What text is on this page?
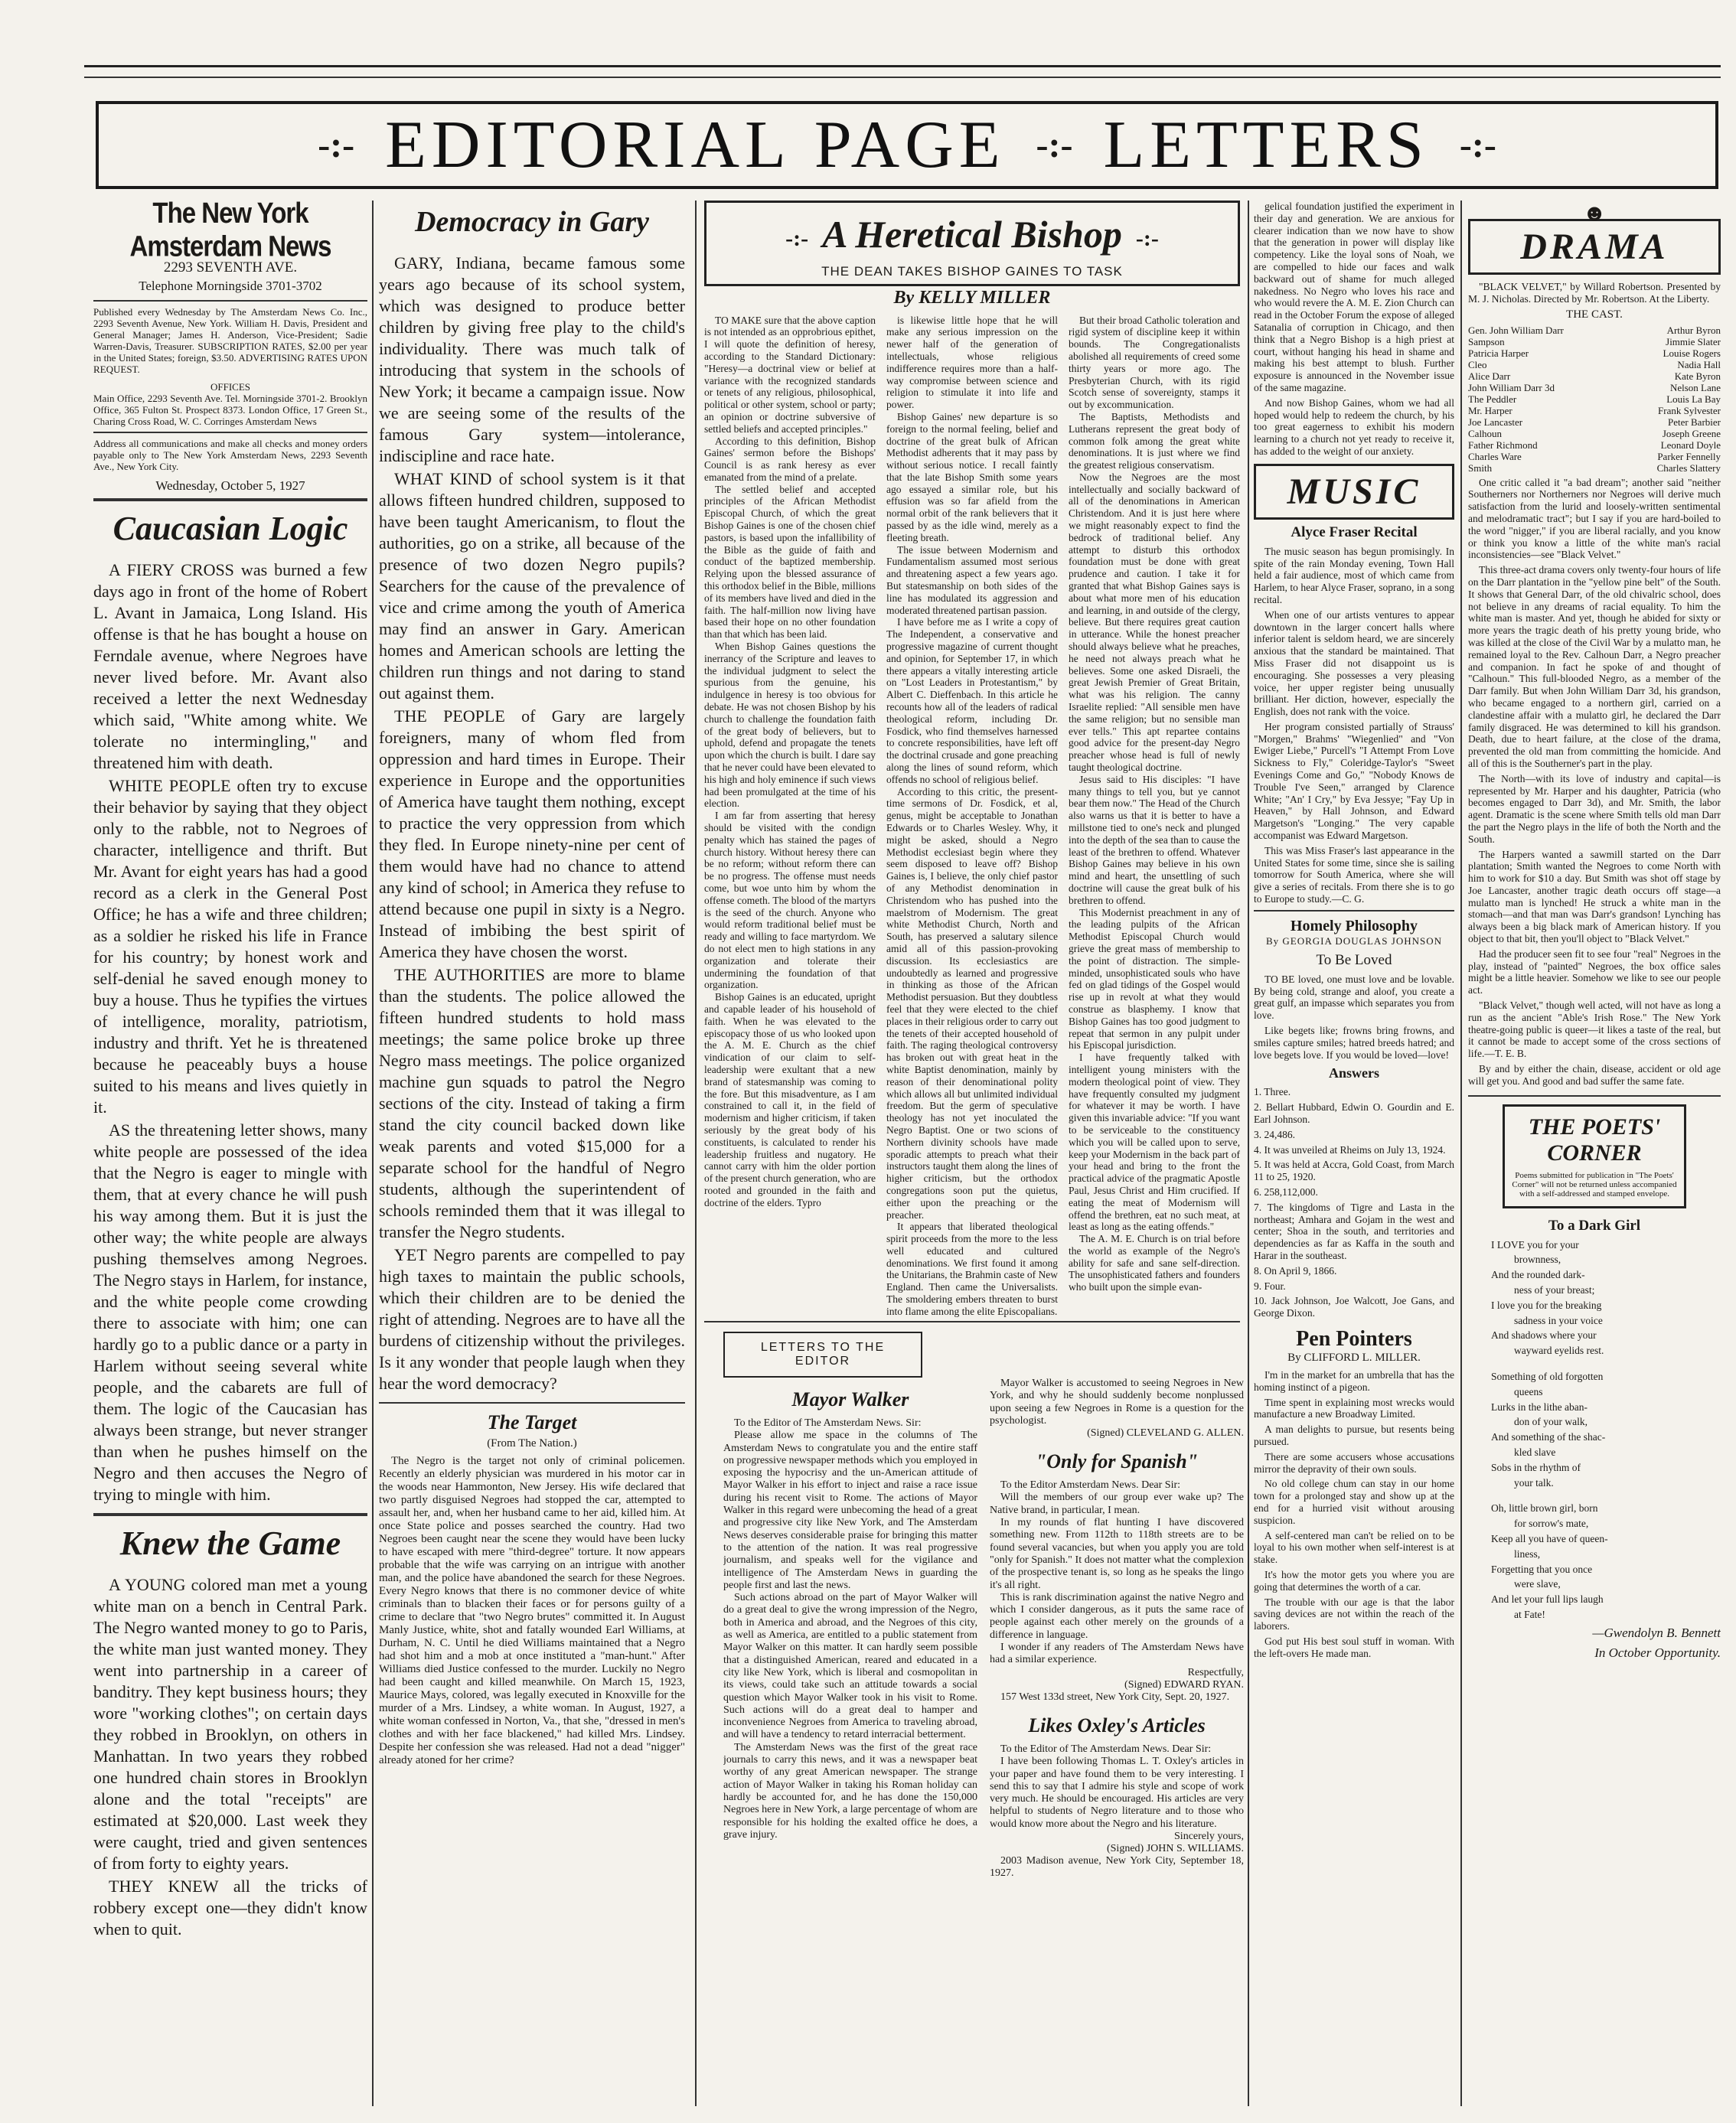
-:- EDITORIAL PAGE -:- LETTERS -:-
The New York Amsterdam News
2293 SEVENTH AVE.
Telephone Morningside 3701-3702
Published every Wednesday by The Amsterdam News Co. Inc., 2293 Seventh Avenue, New York. William H. Davis, President and General Manager; James H. Anderson, Vice-President; Sadie Warren-Davis, Treasurer. SUBSCRIPTION RATES, $2.00 per year in the United States; foreign, $3.50. ADVERTISING RATES UPON REQUEST.
OFFICES
Main Office, 2293 Seventh Ave. Tel. Morningside 3701-2. Brooklyn Office, 365 Fulton St. Prospect 8373. London Office, 17 Green St., Charing Cross Road, W. C. Corringes Amsterdam News
Address all communications and make all checks and money orders payable only to The New York Amsterdam News, 2293 Seventh Ave., New York City.
Wednesday, October 5, 1927
Caucasian Logic

A FIERY CROSS was burned a few days ago in front of the home of Robert L. Avant in Jamaica, Long Island. His offense is that he has bought a house on Ferndale avenue, where Negroes have never lived before. Mr. Avant also received a letter the next Wednesday which said, "White among white. We tolerate no intermingling," and threatened him with death.

WHITE PEOPLE often try to excuse their behavior by saying that they object only to the rabble, not to Negroes of character, intelligence and thrift. But Mr. Avant for eight years has had a good record as a clerk in the General Post Office; he has a wife and three children; as a soldier he risked his life in France for his country; by honest work and self-denial he saved enough money to buy a house. Thus he typifies the virtues of intelligence, morality, patriotism, industry and thrift. Yet he is threatened because he peaceably buys a house suited to his means and lives quietly in it.

AS the threatening letter shows, many white people are possessed of the idea that the Negro is eager to mingle with them, that at every chance he will push his way among them. But it is just the other way; the white people are always pushing themselves among Negroes. The Negro stays in Harlem, for instance, and the white people come crowding there to associate with him; one can hardly go to a public dance or a party in Harlem without seeing several white people, and the cabarets are full of them. The logic of the Caucasian has always been strange, but never stranger than when he pushes himself on the Negro and then accuses the Negro of trying to mingle with him.

Knew the Game

A YOUNG colored man met a young white man on a bench in Central Park. The Negro wanted money to go to Paris, the white man just wanted money. They went into partnership in a career of banditry. They kept business hours; they wore "working clothes"; on certain days they robbed in Brooklyn, on others in Manhattan. In two years they robbed one hundred chain stores in Brooklyn alone and the total "receipts" are estimated at $20,000. Last week they were caught, tried and given sentences of from forty to eighty years.

THEY KNEW all the tricks of robbery except one—they didn't know when to quit.

Democracy in Gary

GARY, Indiana, became famous some years ago because of its school system, which was designed to produce better children by giving free play to the child's individuality. There was much talk of introducing that system in the schools of New York; it became a campaign issue. Now we are seeing some of the results of the famous Gary system—intolerance, indiscipline and race hate.

WHAT KIND of school system is it that allows fifteen hundred children, supposed to have been taught Americanism, to flout the authorities, go on a strike, all because of the presence of two dozen Negro pupils? Searchers for the cause of the prevalence of vice and crime among the youth of America may find an answer in Gary. American homes and American schools are letting the children run things and not daring to stand out against them.

THE PEOPLE of Gary are largely foreigners, many of whom fled from oppression and hard times in Europe. Their experience in Europe and the opportunities of America have taught them nothing, except to practice the very oppression from which they fled. In Europe ninety-nine per cent of them would have had no chance to attend any kind of school; in America they refuse to attend because one pupil in sixty is a Negro. Instead of imbibing the best spirit of America they have chosen the worst.

THE AUTHORITIES are more to blame than the students. The police allowed the fifteen hundred students to hold mass meetings; the same police broke up three Negro mass meetings. The police organized machine gun squads to patrol the Negro sections of the city. Instead of taking a firm stand the city council backed down like weak parents and voted $15,000 for a separate school for the handful of Negro students, although the superintendent of schools reminded them that it was illegal to transfer the Negro students.

YET Negro parents are compelled to pay high taxes to maintain the public schools, which their children are to be denied the right of attending. Negroes are to have all the burdens of citizenship without the privileges. Is it any wonder that people laugh when they hear the word democracy?

The Target
(From The Nation.)

The Negro is the target not only of criminal policemen. Recently an elderly physician was murdered in his motor car in the woods near Hammonton, New Jersey. His wife declared that two partly disguised Negroes had stopped the car, attempted to assault her, and, when her husband came to her aid, killed him. At once State police and posses searched the country. Had two Negroes been caught near the scene they would have been lucky to have escaped with mere "third-degree" torture. It now appears probable that the wife was carrying on an intrigue with another man, and the police have abandoned the search for these Negroes. Every Negro knows that there is no commoner device of white criminals than to blacken their faces or for persons guilty of a crime to declare that "two Negro brutes" committed it. In August Manly Justice, white, shot and fatally wounded Earl Williams, at Durham, N. C. Until he died Williams maintained that a Negro had shot him and a mob at once instituted a "man-hunt." After Williams died Justice confessed to the murder. Luckily no Negro had been caught and killed meanwhile. On March 15, 1923, Maurice Mays, colored, was legally executed in Knoxville for the murder of a Mrs. Lindsey, a white woman. In August, 1927, a white woman confessed in Norton, Va., that she, "dressed in men's clothes and with her face blackened," had killed Mrs. Lindsey. Despite her confession she was released. Had not a dead "nigger" already atoned for her crime?

-:- A Heretical Bishop -:-
THE DEAN TAKES BISHOP GAINES TO TASK
By KELLY MILLER

TO MAKE sure that the above caption is not intended as an opprobrious epithet, I will quote the definition of heresy, according to the Standard Dictionary: "Heresy—a doctrinal view or belief at variance with the recognized standards or tenets of any religious, philosophical, political or other system, school or party; an opinion or doctrine subversive of settled beliefs and accepted principles."

According to this definition, Bishop Gaines' sermon before the Bishops' Council is as rank heresy as ever emanated from the mind of a prelate.

The settled belief and accepted principles of the African Methodist Episcopal Church, of which the great Bishop Gaines is one of the chosen chief pastors, is based upon the infallibility of the Bible as the guide of faith and conduct of the baptized membership. Relying upon the blessed assurance of this orthodox belief in the Bible, millions of its members have lived and died in the faith. The half-million now living have based their hope on no other foundation than that which has been laid.

When Bishop Gaines questions the inerrancy of the Scripture and leaves to the individual judgment to select the spurious from the genuine, his indulgence in heresy is too obvious for debate. He was not chosen Bishop by his church to challenge the foundation faith of the great body of believers, but to uphold, defend and propagate the tenets upon which the church is built. I dare say that he never could have been elevated to his high and holy eminence if such views had been promulgated at the time of his election.

I am far from asserting that heresy should be visited with the condign penalty which has stained the pages of church history. Without heresy there can be no reform; without reform there can be no progress. The offense must needs come, but woe unto him by whom the offense cometh. The blood of the martyrs is the seed of the church. Anyone who would reform traditional belief must be ready and willing to face martyrdom. We do not elect men to high stations in any organization and tolerate their undermining the foundation of that organization.

Bishop Gaines is an educated, upright and capable leader of his household of faith. When he was elevated to the episcopacy those of us who looked upon the A. M. E. Church as the chief vindication of our claim to self-leadership were exultant that a new brand of statesmanship was coming to the fore. But this misadventure, as I am constrained to call it, in the field of modernism and higher criticism, if taken seriously by the great body of his constituents, is calculated to render his leadership fruitless and nugatory. He cannot carry with him the older portion of the present church generation, who are rooted and grounded in the faith and doctrine of the elders. Typro

is likewise little hope that he will make any serious impression on the newer half of the generation of intellectuals, whose religious indifference requires more than a half-way compromise between science and religion to stimulate it into life and power.

Bishop Gaines' new departure is so foreign to the normal feeling, belief and doctrine of the great bulk of African Methodist adherents that it may pass by without serious notice. I recall faintly that the late Bishop Smith some years ago essayed a similar role, but his effusion was so far afield from the normal orbit of the rank believers that it passed by as the idle wind, merely as a fleeting breath.

The issue between Modernism and Fundamentalism assumed most serious and threatening aspect a few years ago. But statesmanship on both sides of the line has modulated its aggression and moderated threatened partisan passion.

I have before me as I write a copy of The Independent, a conservative and progressive magazine of current thought and opinion, for September 17, in which there appears a vitally interesting article on "Lost Leaders in Protestantism," by Albert C. Dieffenbach. In this article he recounts how all of the leaders of radical theological reform, including Dr. Fosdick, who find themselves harnessed to concrete responsibilities, have left off the doctrinal crusade and gone preaching along the lines of sound reform, which offends no school of religious belief.

According to this critic, the present-time sermons of Dr. Fosdick, et al, genus, might be acceptable to Jonathan Edwards or to Charles Wesley. Why, it might be asked, should a Negro Methodist ecclesiast begin where they seem disposed to leave off? Bishop Gaines is, I believe, the only chief pastor of any Methodist denomination in Christendom who has pushed into the maelstrom of Modernism. The great white Methodist Church, North and South, has preserved a salutary silence amid all of this passion-provoking discussion. Its ecclesiastics are undoubtedly as learned and progressive in thinking as those of the African Methodist persuasion. But they doubtless feel that they were elected to the chief places in their religious order to carry out the tenets of their accepted household of faith. The raging theological controversy has broken out with great heat in the white Baptist denomination, mainly by reason of their denominational polity which allows all but unlimited individual freedom. But the germ of speculative theology has not yet inoculated the Negro Baptist. One or two scions of Northern divinity schools have made sporadic attempts to preach what their instructors taught them along the lines of higher criticism, but the orthodox congregations soon put the quietus, either upon the preaching or the preacher.

It appears that liberated theological spirit proceeds from the more to the less well educated and cultured denominations. We first found it among the Unitarians, the Brahmin caste of New England. Then came the Universalists. The smoldering embers threaten to burst into flame among the elite Episcopalians.

But their broad Catholic toleration and rigid system of discipline keep it within bounds. The Congregationalists abolished all requirements of creed some thirty years or more ago. The Presbyterian Church, with its rigid Scotch sense of sovereignty, stamps it out by excommunication.

The Baptists, Methodists and Lutherans represent the great body of common folk among the great white denominations. It is just where we find the greatest religious conservatism.

Now the Negroes are the most intellectually and socially backward of all of the denominations in American Christendom. And it is just here where we might reasonably expect to find the bedrock of traditional belief. Any attempt to disturb this orthodox foundation must be done with great prudence and caution. I take it for granted that what Bishop Gaines says is about what more men of his education and learning, in and outside of the clergy, believe. But there requires great caution in utterance. While the honest preacher should always believe what he preaches, he need not always preach what he believes. Some one asked Disraeli, the great Jewish Premier of Great Britain, what was his religion. The canny Israelite replied: "All sensible men have the same religion; but no sensible man ever tells." This apt repartee contains good advice for the present-day Negro preacher whose head is full of newly taught theological doctrine.

Jesus said to His disciples: "I have many things to tell you, but ye cannot bear them now." The Head of the Church also warns us that it is better to have a millstone tied to one's neck and plunged into the depth of the sea than to cause the least of the brethren to offend. Whatever Bishop Gaines may believe in his own mind and heart, the unsettling of such doctrine will cause the great bulk of his brethren to offend.

This Modernist preachment in any of the leading pulpits of the African Methodist Episcopal Church would grieve the great mass of membership to the point of distraction. The simple-minded, unsophisticated souls who have fed on glad tidings of the Gospel would rise up in revolt at what they would construe as blasphemy. I know that Bishop Gaines has too good judgment to repeat that sermon in any pulpit under his Episcopal jurisdiction.

I have frequently talked with intelligent young ministers with the modern theological point of view. They have frequently consulted my judgment for whatever it may be worth. I have given this invariable advice: "If you want to be serviceable to the constituency which you will be called upon to serve, keep your Modernism in the back part of your head and bring to the front the practical advice of the pragmatic Apostle Paul, Jesus Christ and Him crucified. If eating the meat of Modernism will offend the brethren, eat no such meat, at least as long as the eating offends."

The A. M. E. Church is on trial before the world as example of the Negro's ability for safe and sane self-direction. The unsophisticated fathers and founders who built upon the simple evan-

LETTERS TO THE EDITOR
Mayor Walker

To the Editor of The Amsterdam News. Sir:

Please allow me space in the columns of The Amsterdam News to congratulate you and the entire staff on progressive newspaper methods which you employed in exposing the hypocrisy and the un-American attitude of Mayor Walker in his effort to inject and raise a race issue during his recent visit to Rome. The actions of Mayor Walker in this regard were unbecoming the head of a great and progressive city like New York, and The Amsterdam News deserves considerable praise for bringing this matter to the attention of the nation. It was real progressive journalism, and speaks well for the vigilance and intelligence of The Amsterdam News in guarding the people first and last the news.

Such actions abroad on the part of Mayor Walker will do a great deal to give the wrong impression of the Negro, both in America and abroad, and the Negroes of this city, as well as America, are entitled to a public statement from Mayor Walker on this matter. It can hardly seem possible that a distinguished American, reared and educated in a city like New York, which is liberal and cosmopolitan in its views, could take such an attitude towards a social question which Mayor Walker took in his visit to Rome. Such actions will do a great deal to hamper and inconvenience Negroes from America to traveling abroad, and will have a tendency to retard interracial betterment.

The Amsterdam News was the first of the great race journals to carry this news, and it was a newspaper beat worthy of any great American newspaper. The strange action of Mayor Walker in taking his Roman holiday can hardly be accounted for, and he has done the 150,000 Negroes here in New York, a large percentage of whom are responsible for his holding the exalted office he does, a grave injury.

Mayor Walker is accustomed to seeing Negroes in New York, and why he should suddenly become nonplussed upon seeing a few Negroes in Rome is a question for the psychologist.

(Signed) CLEVELAND G. ALLEN.
"Only for Spanish"

To the Editor Amsterdam News. Dear Sir:

Will the members of our group ever wake up? The Native brand, in particular, I mean.

In my rounds of flat hunting I have discovered something new. From 112th to 118th streets are to be found several vacancies, but when you apply you are told "only for Spanish." It does not matter what the complexion of the prospective tenant is, so long as he speaks the lingo it's all right.

This is rank discrimination against the native Negro and which I consider dangerous, as it puts the same race of people against each other merely on the grounds of a difference in language.

I wonder if any readers of The Amsterdam News have had a similar experience.

Respectfully,
(Signed) EDWARD RYAN.

157 West 133d street, New York City, Sept. 20, 1927.

Likes Oxley's Articles

To the Editor of The Amsterdam News. Dear Sir:

I have been following Thomas L. T. Oxley's articles in your paper and have found them to be very interesting. I send this to say that I admire his style and scope of work very much. He should be encouraged. His articles are very helpful to students of Negro literature and to those who would know more about the Negro and his literature.

Sincerely yours,
(Signed) JOHN S. WILLIAMS.

2003 Madison avenue, New York City, September 18, 1927.

gelical foundation justified the experiment in their day and generation. We are anxious for clearer indication than we now have to show that the generation in power will display like competency. Like the loyal sons of Noah, we are compelled to hide our faces and walk backward out of shame for much alleged nakedness. No Negro who loves his race and who would revere the A. M. E. Zion Church can read in the October Forum the expose of alleged Satanalia of corruption in Chicago, and then think that a Negro Bishop is a high priest at court, without hanging his head in shame and making his best attempt to blush. Further exposure is announced in the November issue of the same magazine.

And now Bishop Gaines, whom we had all hoped would help to redeem the church, by his too great eagerness to exhibit his modern learning to a church not yet ready to receive it, has added to the weight of our anxiety.

MUSIC
Alyce Fraser Recital

The music season has begun promisingly. In spite of the rain Monday evening, Town Hall held a fair audience, most of which came from Harlem, to hear Alyce Fraser, soprano, in a song recital.

When one of our artists ventures to appear downtown in the larger concert halls where inferior talent is seldom heard, we are sincerely anxious that the standard be maintained. That Miss Fraser did not disappoint us is encouraging. She possesses a very pleasing voice, her upper register being unusually brilliant. Her diction, however, especially the English, does not rank with the voice.

Her program consisted partially of Strauss' "Morgen," Brahms' "Wiegenlied" and "Von Ewiger Liebe," Purcell's "I Attempt From Love Sickness to Fly," Coleridge-Taylor's "Sweet Evenings Come and Go," "Nobody Knows de Trouble I've Seen," arranged by Clarence White; "An' I Cry," by Eva Jessye; "Fay Up in Heaven," by Hall Johnson, and Edward Margetson's "Longing." The very capable accompanist was Edward Margetson.

This was Miss Fraser's last appearance in the United States for some time, since she is sailing tomorrow for South America, where she will give a series of recitals. From there she is to go to Europe to study.—C. G.

Homely Philosophy
By GEORGIA DOUGLAS JOHNSON
To Be Loved

TO BE loved, one must love and be lovable. By being cold, strange and aloof, you create a great gulf, an impasse which separates you from love.

Like begets like; frowns bring frowns, and smiles capture smiles; hatred breeds hatred; and love begets love. If you would be loved—love!

Answers

1. Three.

2. Bellart Hubbard, Edwin O. Gourdin and E. Earl Johnson.

3. 24,486.

4. It was unveiled at Rheims on July 13, 1924.

5. It was held at Accra, Gold Coast, from March 11 to 25, 1920.

6. 258,112,000.

7. The kingdoms of Tigre and Lasta in the northeast; Amhara and Gojam in the west and center; Shoa in the south, and territories and dependencies as far as Kaffa in the south and Harar in the southeast.

8. On April 9, 1866.

9. Four.

10. Jack Johnson, Joe Walcott, Joe Gans, and George Dixon.

Pen Pointers
By CLIFFORD L. MILLER.

I'm in the market for an umbrella that has the homing instinct of a pigeon.

Time spent in explaining most wrecks would manufacture a new Broadway Limited.

A man delights to pursue, but resents being pursued.

There are some accusers whose accusations mirror the depravity of their own souls.

No old college chum can stay in our home town for a prolonged stay and show up at the end for a hurried visit without arousing suspicion.

A self-centered man can't be relied on to be loyal to his own mother when self-interest is at stake.

It's how the motor gets you where you are going that determines the worth of a car.

The trouble with our age is that the labor saving devices are not within the reach of the laborers.

God put His best soul stuff in woman. With the left-overs He made man.

☻
DRAMA

"BLACK VELVET," by Willard Robertson. Presented by M. J. Nicholas. Directed by Mr. Robertson. At the Liberty.

THE CAST.
Gen. John William Darr	Arthur Byron
Sampson	Jimmie Slater
Patricia Harper	Louise Rogers
Cleo	Nadia Hall
Alice Darr	Kate Byron
John William Darr 3d	Nelson Lane
The Peddler	Louis La Bay
Mr. Harper	Frank Sylvester
Joe Lancaster	Peter Barbier
Calhoun	Joseph Greene
Father Richmond	Leonard Doyle
Charles Ware	Parker Fennelly
Smith	Charles Slattery

One critic called it "a bad dream"; another said "neither Southerners nor Northerners nor Negroes will derive much satisfaction from the lurid and loosely-written sentimental and melodramatic tract"; but I say if you are hard-boiled to the word "nigger," if you are liberal racially, and you know or think you know a little of the white man's racial inconsistencies—see "Black Velvet."

This three-act drama covers only twenty-four hours of life on the Darr plantation in the "yellow pine belt" of the South. It shows that General Darr, of the old chivalric school, does not believe in any dreams of racial equality. To him the white man is master. And yet, though he abided for sixty or more years the tragic death of his pretty young bride, who was killed at the close of the Civil War by a mulatto man, he remained loyal to the Rev. Calhoun Darr, a Negro preacher and companion. In fact he spoke of and thought of "Calhoun." This full-blooded Negro, as a member of the Darr family. But when John William Darr 3d, his grandson, who became engaged to a northern girl, carried on a clandestine affair with a mulatto girl, he declared the Darr family disgraced. He was determined to kill his grandson. Death, due to heart failure, at the close of the drama, prevented the old man from committing the homicide. And all of this is the Southerner's part in the play.

The North—with its love of industry and capital—is represented by Mr. Harper and his daughter, Patricia (who becomes engaged to Darr 3d), and Mr. Smith, the labor agent. Dramatic is the scene where Smith tells old man Darr the part the Negro plays in the life of both the North and the South.

The Harpers wanted a sawmill started on the Darr plantation; Smith wanted the Negroes to come North with him to work for $10 a day. But Smith was shot off stage by Joe Lancaster, another tragic death occurs off stage—a mulatto man is lynched! He struck a white man in the stomach—and that man was Darr's grandson! Lynching has always been a big black mark of American history. If you object to that bit, then you'll object to "Black Velvet."

Had the producer seen fit to see four "real" Negroes in the play, instead of "painted" Negroes, the box office sales might be a little heavier. Somehow we like to see our people act.

"Black Velvet," though well acted, will not have as long a run as the ancient "Able's Irish Rose." The New York theatre-going public is queer—it likes a taste of the real, but it cannot be made to accept some of the cross sections of life.—T. E. B.

By and by either the chain, disease, accident or old age will get you. And good and bad suffer the same fate.

THE POETS'
CORNER
Poems submitted for publication in "The Poets' Corner" will not be returned unless accompanied with a self-addressed and stamped envelope.
To a Dark Girl

I LOVE you for your

brownness,

And the rounded dark-

ness of your breast;

I love you for the breaking

sadness in your voice

And shadows where your

wayward eyelids rest.

Something of old forgotten

queens

Lurks in the lithe aban-

don of your walk,

And something of the shac-

kled slave

Sobs in the rhythm of

your talk.

Oh, little brown girl, born

for sorrow's mate,

Keep all you have of queen-

liness,

Forgetting that you once

were slave,

And let your full lips laugh

at Fate!

—Gwendolyn B. Bennett
In October Opportunity.
